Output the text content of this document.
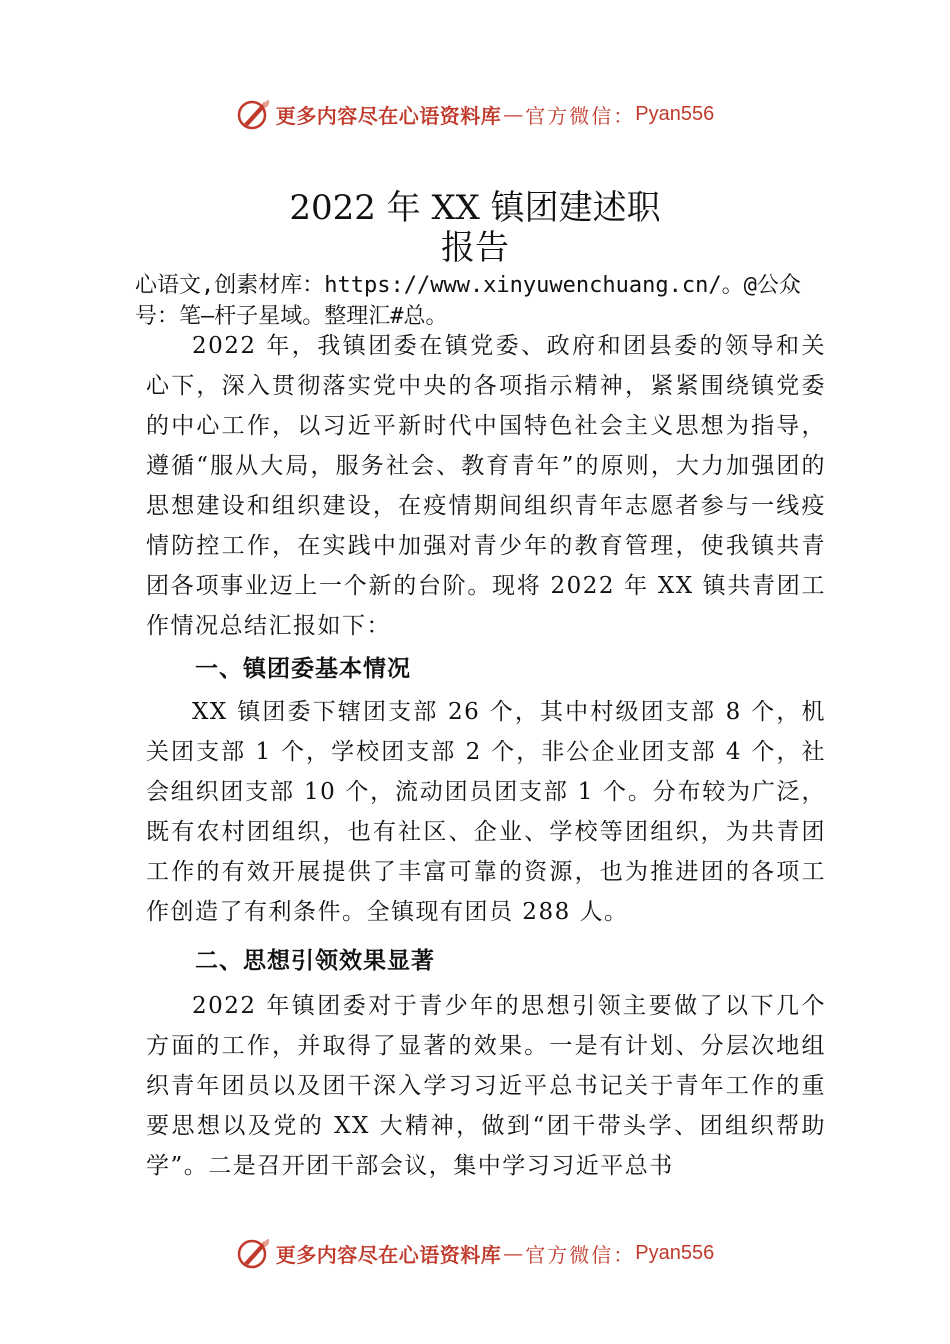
更多内容尽在心语资料库 — 官方微信： Pyan556
2022 年 XX 镇团建述职报告
心语文,创素材库：https://www.xinyuwenchuang.cn/。@公众号：笔—杆子星域。整理汇#总。

2022 年，我镇团委在镇党委、政府和团县委的领导和关心下，深入贯彻落实党中央的各项指示精神，紧紧围绕镇党委的中心工作，以习近平新时代中国特色社会主义思想为指导，遵循“服从大局，服务社会、教育青年”的原则，大力加强团的思想建设和组织建设，在疫情期间组织青年志愿者参与一线疫情防控工作，在实践中加强对青少年的教育管理，使我镇共青团各项事业迈上一个新的台阶。现将 2022 年 XX 镇共青团工作情况总结汇报如下：

一、镇团委基本情况

XX 镇团委下辖团支部 26 个，其中村级团支部 8 个，机关团支部 1 个，学校团支部 2 个，非公企业团支部 4 个，社会组织团支部 10 个，流动团员团支部 1 个。分布较为广泛，既有农村团组织，也有社区、企业、学校等团组织，为共青团工作的有效开展提供了丰富可靠的资源，也为推进团的各项工作创造了有利条件。全镇现有团员 288 人。

二、思想引领效果显著

2022 年镇团委对于青少年的思想引领主要做了以下几个方面的工作，并取得了显著的效果。一是有计划、分层次地组织青年团员以及团干深入学习习近平总书记关于青年工作的重要思想以及党的 XX 大精神，做到“团干带头学、团组织帮助学”。二是召开团干部会议，集中学习习近平总书

更多内容尽在心语资料库 — 官方微信： Pyan556
